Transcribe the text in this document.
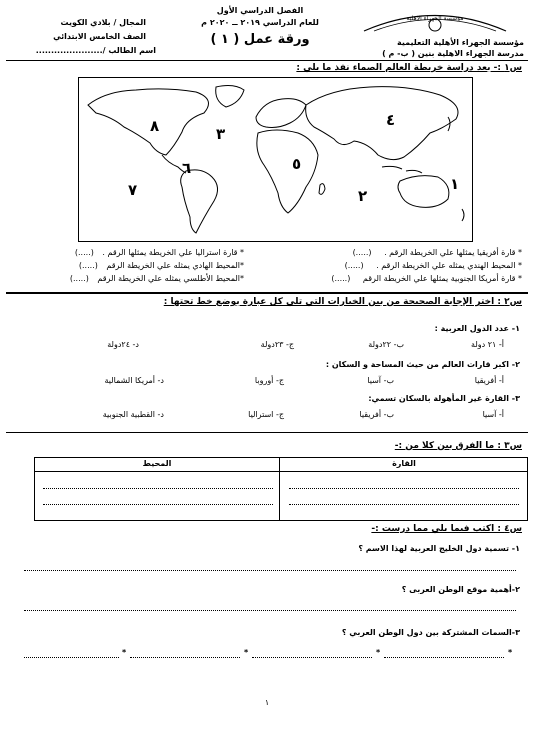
مؤسسة الجهراء الاهلية
مؤسسة الجهراء الأهلية التعليمية
مدرسة الجهراء الاهلية بنين ( ب- م )
الفصل الدراسي الأول
للعام الدراسي ٢٠١٩ ــ ٢٠٢٠ م
ورقة عمل ( ١ )
المجال / بلادي الكويت
الصف الخامس الابتدائي
اسم الطالب /......................
س١ :- بعد دراسة خريطة العالم الصماء نفذ ما يلي :
١
٢
٣
٤
٥
٦
٧
٨
* قارة أفريقيا يمثلها علي الخريطة الرقم . (.....)
* المحيط الهندي يمثله علي الخريطة الرقم . (.....)
* قارة أمريكا الجنوبية يمثلها علي الخريطة الرقم (.....)
* قارة استراليا علي الخريطة يمثلها الرقم . (.....)
*المحيط الهادي يمثله علي الخريطة الرقم (.....)
*المحيط الأطلسي يمثله علي الخريطة الرقم (.....)
س٢ : اختر الإجابة الصحيحة من بين الخيارات التي تلي كل عبارة بوضع خط تحتها :
١- عدد الدول العربية :
أ- ٢١ دولة
ب- ٢٢دولة
ج- ٢٣دولة
د- ٢٤دولة
٢- اكبر قارات العالم من حيث المساحة و السكان :
أ- أفريقيا
ب- آسيا
ج- أوروبا
د- أمريكا الشمالية
٣- القارة غير المأهولة بالسكان تسمي:
أ- آسيا
ب- أفريقيا
ج- استراليا
د- القطبية الجنوبية
س٣ : ما الفرق بين كلا من :-
القارة
المحيط
س٤ : اكتب فيما يلي مما درست :-
١- تسمية دول الخليج العربية لهذا الاسم ؟
٢-أهمية موقع الوطن العربى ؟
٣-السمات المشتركة بين دول الوطن العربي ؟
*	*	*	*
١
